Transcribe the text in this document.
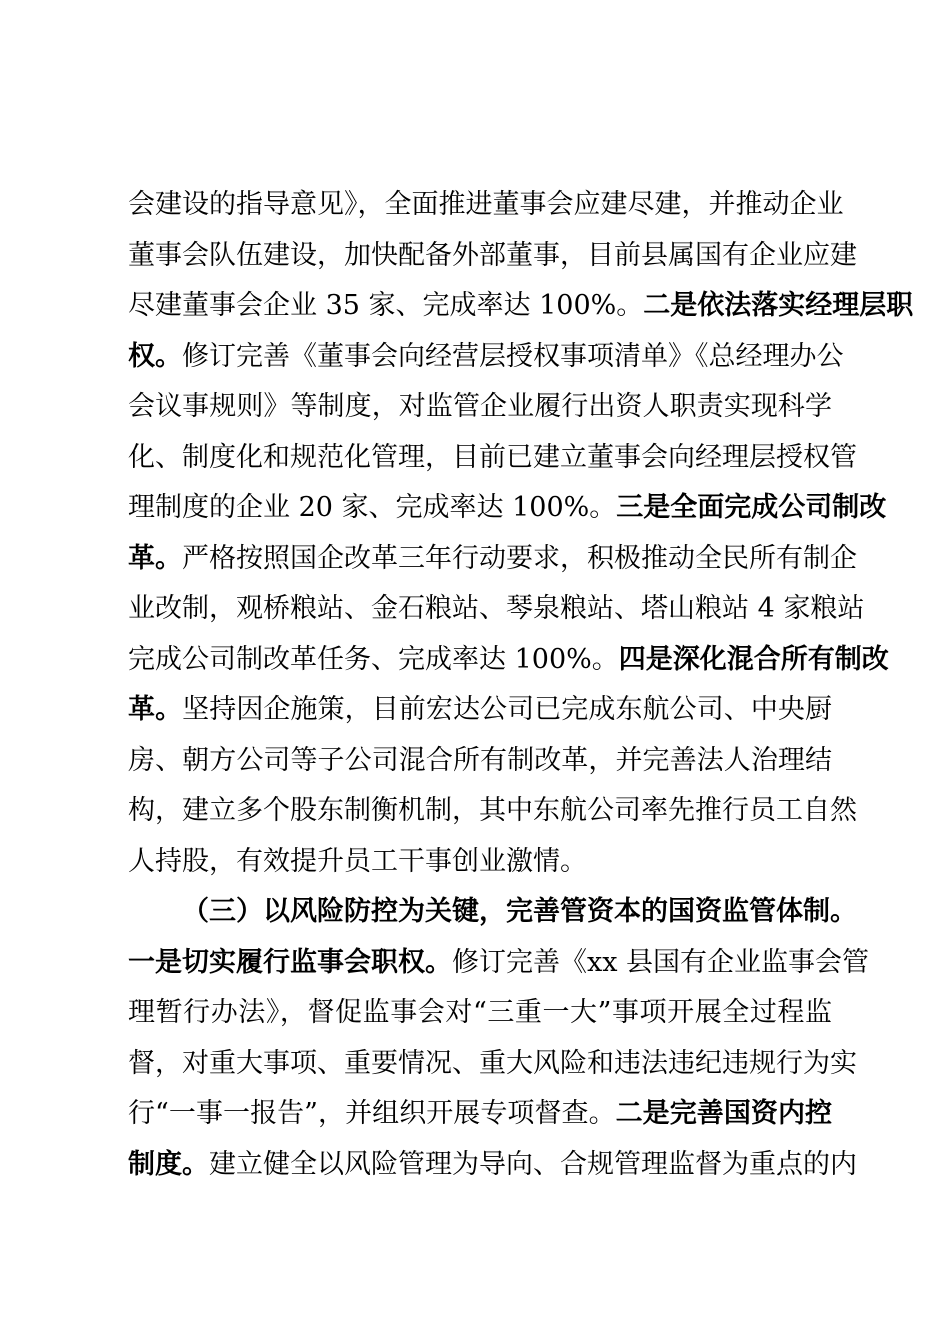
会建设的指导意见》，全面推进董事会应建尽建，并推动企业
董事会队伍建设，加快配备外部董事，目前县属国有企业应建
尽建董事会企业 35 家、完成率达 100%。二是依法落实经理层职
权。修订完善《董事会向经营层授权事项清单》《总经理办公
会议事规则》等制度，对监管企业履行出资人职责实现科学
化、制度化和规范化管理，目前已建立董事会向经理层授权管
理制度的企业 20 家、完成率达 100%。三是全面完成公司制改
革。严格按照国企改革三年行动要求，积极推动全民所有制企
业改制，观桥粮站、金石粮站、琴泉粮站、塔山粮站 4 家粮站
完成公司制改革任务、完成率达 100%。四是深化混合所有制改
革。坚持因企施策，目前宏达公司已完成东航公司、中央厨
房、朝方公司等子公司混合所有制改革，并完善法人治理结
构，建立多个股东制衡机制，其中东航公司率先推行员工自然
人持股，有效提升员工干事创业激情。
（三）以风险防控为关键，完善管资本的国资监管体制。
一是切实履行监事会职权。修订完善《xx 县国有企业监事会管
理暂行办法》，督促监事会对“三重一大”事项开展全过程监
督，对重大事项、重要情况、重大风险和违法违纪违规行为实
行“一事一报告”，并组织开展专项督查。二是完善国资内控
制度。建立健全以风险管理为导向、合规管理监督为重点的内
